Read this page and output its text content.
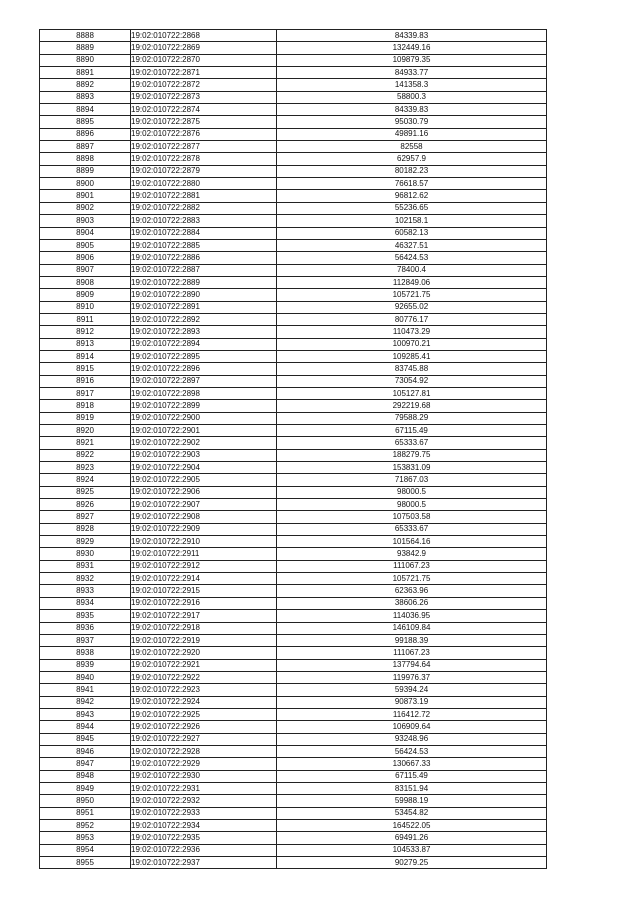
8888	19:02:010722:2868	84339.83
8889	19:02:010722:2869	132449.16
8890	19:02:010722:2870	109879.35
8891	19:02:010722:2871	84933.77
8892	19:02:010722:2872	141358.3
8893	19:02:010722:2873	58800.3
8894	19:02:010722:2874	84339.83
8895	19:02:010722:2875	95030.79
8896	19:02:010722:2876	49891.16
8897	19:02:010722:2877	82558
8898	19:02:010722:2878	62957.9
8899	19:02:010722:2879	80182.23
8900	19:02:010722:2880	76618.57
8901	19:02:010722:2881	96812.62
8902	19:02:010722:2882	55236.65
8903	19:02:010722:2883	102158.1
8904	19:02:010722:2884	60582.13
8905	19:02:010722:2885	46327.51
8906	19:02:010722:2886	56424.53
8907	19:02:010722:2887	78400.4
8908	19:02:010722:2889	112849.06
8909	19:02:010722:2890	105721.75
8910	19:02:010722:2891	92655.02
8911	19:02:010722:2892	80776.17
8912	19:02:010722:2893	110473.29
8913	19:02:010722:2894	100970.21
8914	19:02:010722:2895	109285.41
8915	19:02:010722:2896	83745.88
8916	19:02:010722:2897	73054.92
8917	19:02:010722:2898	105127.81
8918	19:02:010722:2899	292219.68
8919	19:02:010722:2900	79588.29
8920	19:02:010722:2901	67115.49
8921	19:02:010722:2902	65333.67
8922	19:02:010722:2903	188279.75
8923	19:02:010722:2904	153831.09
8924	19:02:010722:2905	71867.03
8925	19:02:010722:2906	98000.5
8926	19:02:010722:2907	98000.5
8927	19:02:010722:2908	107503.58
8928	19:02:010722:2909	65333.67
8929	19:02:010722:2910	101564.16
8930	19:02:010722:2911	93842.9
8931	19:02:010722:2912	111067.23
8932	19:02:010722:2914	105721.75
8933	19:02:010722:2915	62363.96
8934	19:02:010722:2916	38606.26
8935	19:02:010722:2917	114036.95
8936	19:02:010722:2918	146109.84
8937	19:02:010722:2919	99188.39
8938	19:02:010722:2920	111067.23
8939	19:02:010722:2921	137794.64
8940	19:02:010722:2922	119976.37
8941	19:02:010722:2923	59394.24
8942	19:02:010722:2924	90873.19
8943	19:02:010722:2925	116412.72
8944	19:02:010722:2926	106909.64
8945	19:02:010722:2927	93248.96
8946	19:02:010722:2928	56424.53
8947	19:02:010722:2929	130667.33
8948	19:02:010722:2930	67115.49
8949	19:02:010722:2931	83151.94
8950	19:02:010722:2932	59988.19
8951	19:02:010722:2933	53454.82
8952	19:02:010722:2934	164522.05
8953	19:02:010722:2935	69491.26
8954	19:02:010722:2936	104533.87
8955	19:02:010722:2937	90279.25
